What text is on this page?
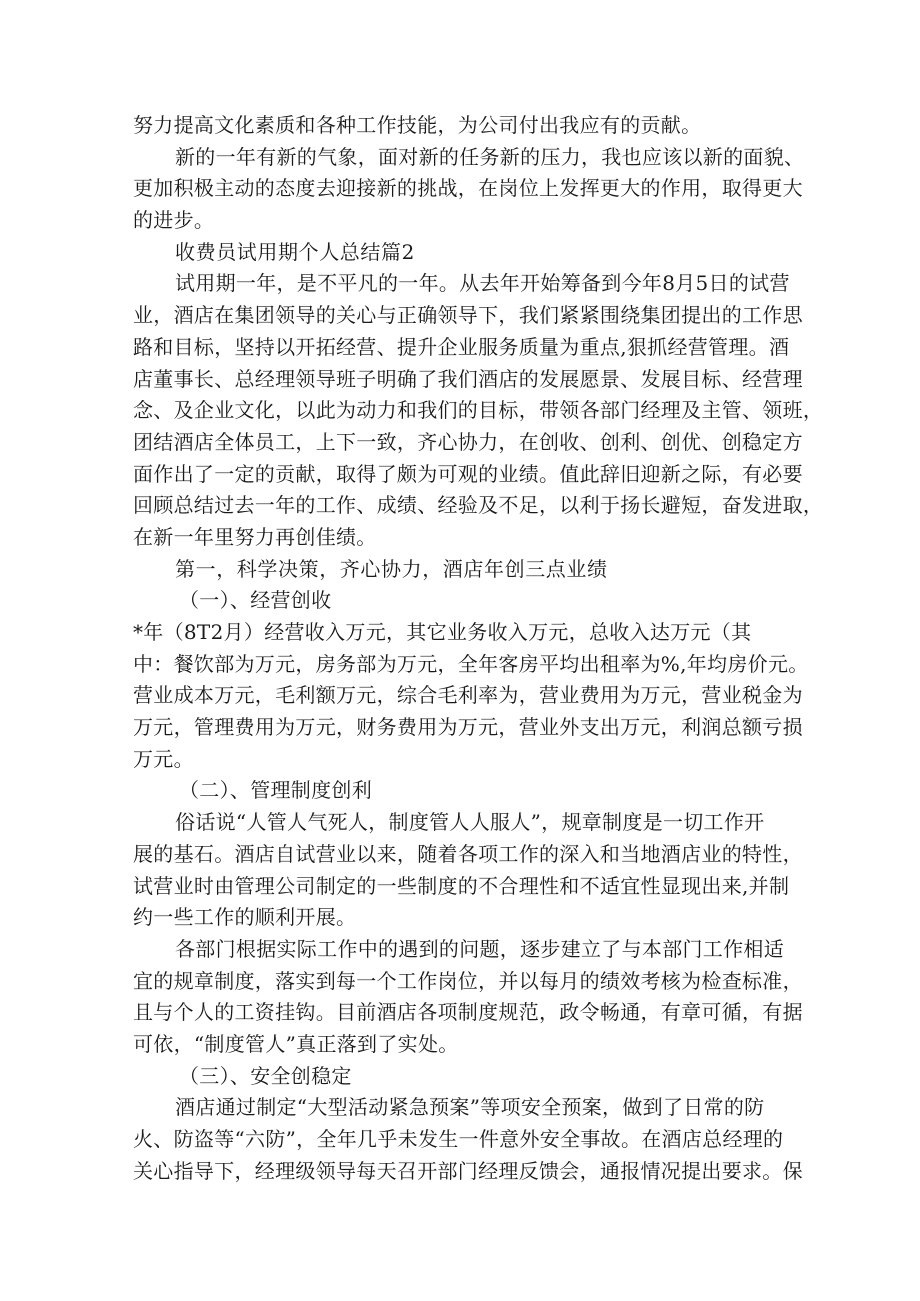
努力提高文化素质和各种工作技能，为公司付出我应有的贡献。

新的一年有新的气象，面对新的任务新的压力，我也应该以新的面貌、

更加积极主动的态度去迎接新的挑战，在岗位上发挥更大的作用，取得更大

的进步。

收费员试用期个人总结篇2

试用期一年，是不平凡的一年。从去年开始筹备到今年8月5日的试营

业，酒店在集团领导的关心与正确领导下，我们紧紧围绕集团提出的工作思

路和目标，坚持以开拓经营、提升企业服务质量为重点,狠抓经营管理。酒

店董事长、总经理领导班子明确了我们酒店的发展愿景、发展目标、经营理

念、及企业文化，以此为动力和我们的目标，带领各部门经理及主管、领班，

团结酒店全体员工，上下一致，齐心协力，在创收、创利、创优、创稳定方

面作出了一定的贡献，取得了颇为可观的业绩。值此辞旧迎新之际，有必要

回顾总结过去一年的工作、成绩、经验及不足，以利于扬长避短，奋发进取，

在新一年里努力再创佳绩。

第一，科学决策，齐心协力，酒店年创三点业绩

（一）、经营创收

*年（8T2月）经营收入万元，其它业务收入万元，总收入达万元（其

中：餐饮部为万元，房务部为万元，全年客房平均出租率为%,年均房价元。

营业成本万元，毛利额万元，综合毛利率为，营业费用为万元，营业税金为

万元，管理费用为万元，财务费用为万元，营业外支出万元，利润总额亏损

万元。

（二）、管理制度创利

俗话说“人管人气死人，制度管人人服人”，规章制度是一切工作开

展的基石。酒店自试营业以来，随着各项工作的深入和当地酒店业的特性，

试营业时由管理公司制定的一些制度的不合理性和不适宜性显现出来,并制

约一些工作的顺利开展。

各部门根据实际工作中的遇到的问题，逐步建立了与本部门工作相适

宜的规章制度，落实到每一个工作岗位，并以每月的绩效考核为检查标准，

且与个人的工资挂钩。目前酒店各项制度规范，政令畅通，有章可循，有据

可依，“制度管人”真正落到了实处。

（三）、安全创稳定

酒店通过制定“大型活动紧急预案”等项安全预案，做到了日常的防

火、防盗等“六防”，全年几乎未发生一件意外安全事故。在酒店总经理的

关心指导下，经理级领导每天召开部门经理反馈会，通报情况提出要求。保
